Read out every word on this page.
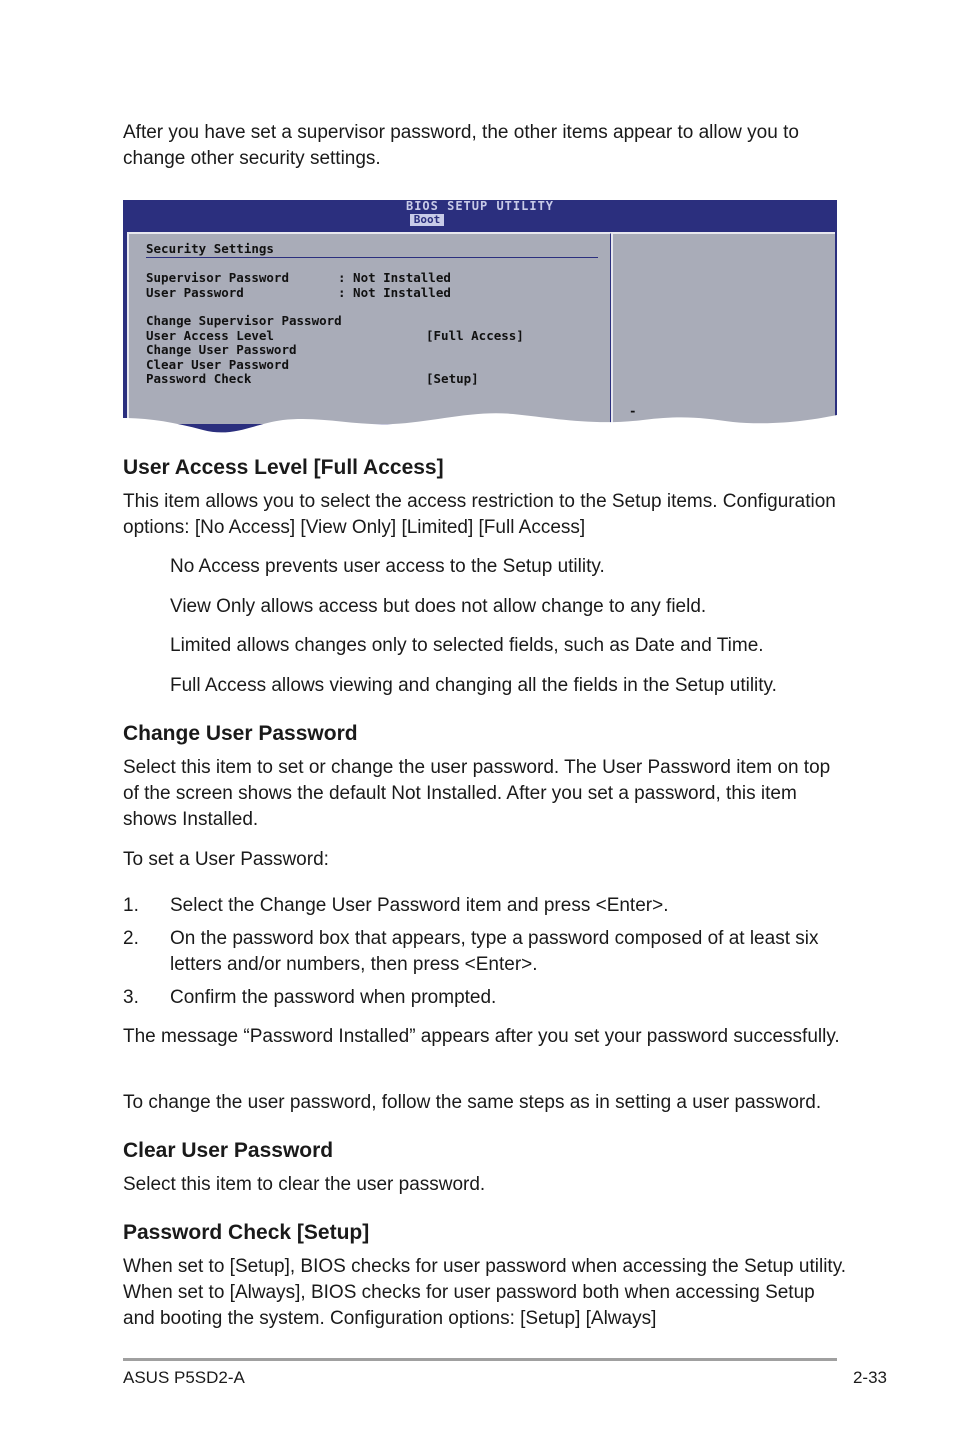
After you have set a supervisor password, the other items appear to allow you to change other security settings.

BIOS SETUP UTILITY
Boot
Security Settings
Supervisor Password	: Not Installed
User Password	: Not Installed
Change Supervisor Password
User Access Level	[Full Access]
Change User Password
Clear User Password
Password Check	[Setup]
-
User Access Level [Full Access]

This item allows you to select the access restriction to the Setup items. Configuration options: [No Access] [View Only] [Limited] [Full Access]

No Access prevents user access to the Setup utility.

View Only allows access but does not allow change to any field.

Limited allows changes only to selected fields, such as Date and Time.

Full Access allows viewing and changing all the fields in the Setup utility.

Change User Password

Select this item to set or change the user password. The User Password item on top of the screen shows the default Not Installed. After you set a password, this item shows Installed.

To set a User Password:

1.	Select the Change User Password item and press <Enter>.
2.	On the password box that appears, type a password composed of at least six letters and/or numbers, then press <Enter>.
3.	Confirm the password when prompted.

The message “Password Installed” appears after you set your password successfully.

To change the user password, follow the same steps as in setting a user password.

Clear User Password

Select this item to clear the user password.

Password Check [Setup]

When set to [Setup], BIOS checks for user password when accessing the Setup utility. When set to [Always], BIOS checks for user password both when accessing Setup and booting the system. Configuration options: [Setup] [Always]

ASUS P5SD2-A	2-33
